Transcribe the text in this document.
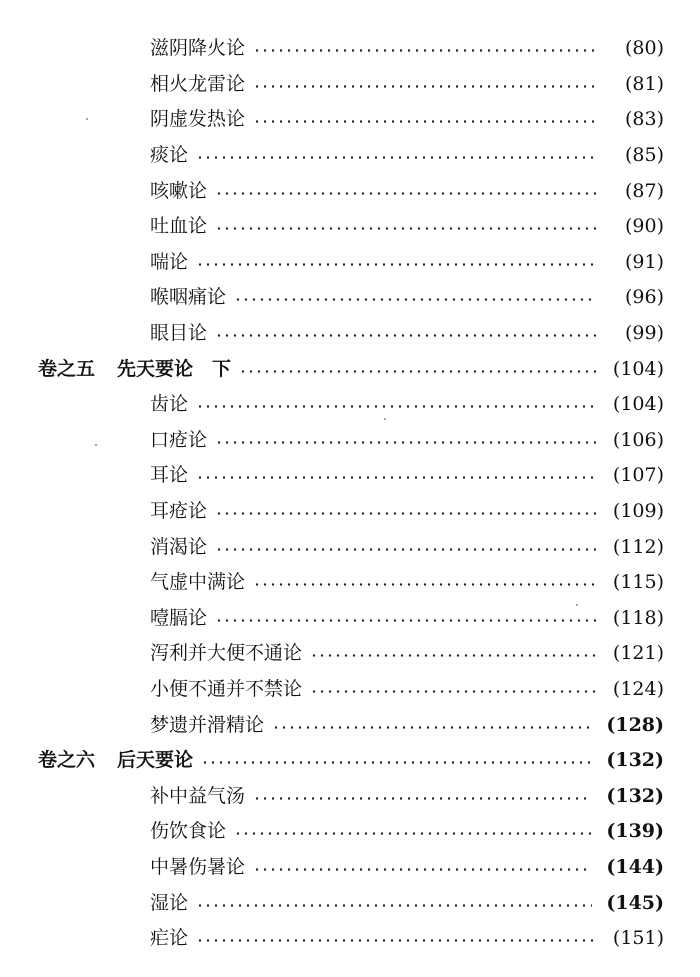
滋阴降火论	(80)
相火龙雷论	(81)
阴虚发热论	(83)
痰论	(85)
咳嗽论	(87)
吐血论	(90)
喘论	(91)
喉咽痛论	(96)
眼目论	(99)
卷之五 先天要论　下	(104)
齿论	(104)
口疮论	(106)
耳论	(107)
耳疮论	(109)
消渴论	(112)
气虚中满论	(115)
噎膈论	(118)
泻利并大便不通论	(121)
小便不通并不禁论	(124)
梦遗并滑精论	(128)
卷之六 后天要论	(132)
补中益气汤	(132)
伤饮食论	(139)
中暑伤暑论	(144)
湿论	(145)
疟论	(151)
